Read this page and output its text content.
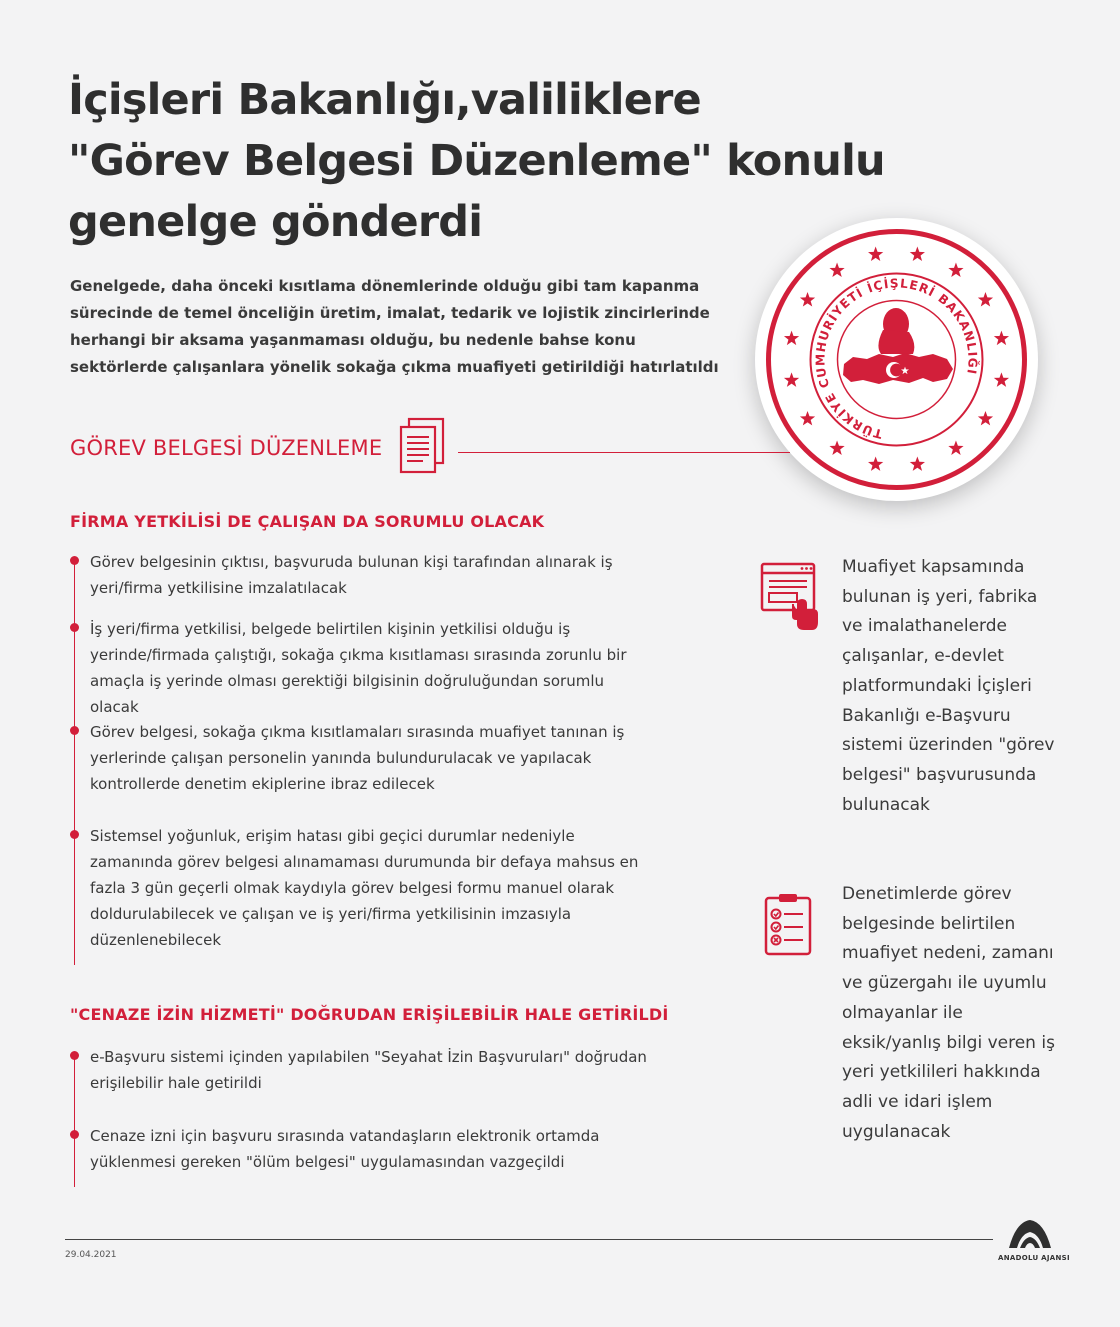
İçişleri Bakanlığı,valiliklere
"Görev Belgesi Düzenleme" konulu
genelge gönderdi

Genelgede, daha önceki kısıtlama dönemlerinde olduğu gibi tam kapanma sürecinde de temel önceliğin üretim, imalat, tedarik ve lojistik zincirlerinde herhangi bir aksama yaşanmaması olduğu, bu nedenle bahse konu sektörlerde çalışanlara yönelik sokağa çıkma muafiyeti getirildiği hatırlatıldı

TÜRKİYE CUMHURİYETİ İÇİŞLERİ BAKANLIĞI
GÖREV BELGESİ DÜZENLEME
FİRMA YETKİLİSİ DE ÇALIŞAN DA SORUMLU OLACAK
Görev belgesinin çıktısı, başvuruda bulunan kişi tarafından alınarak iş yeri/firma yetkilisine imzalatılacak
İş yeri/firma yetkilisi, belgede belirtilen kişinin yetkilisi olduğu iş yerinde/firmada çalıştığı, sokağa çıkma kısıtlaması sırasında zorunlu bir amaçla iş yerinde olması gerektiği bilgisinin doğruluğundan sorumlu olacak
Görev belgesi, sokağa çıkma kısıtlamaları sırasında muafiyet tanınan iş yerlerinde çalışan personelin yanında bulundurulacak ve yapılacak kontrollerde denetim ekiplerine ibraz edilecek
Sistemsel yoğunluk, erişim hatası gibi geçici durumlar nedeniyle zamanında görev belgesi alınamaması durumunda bir defaya mahsus en fazla 3 gün geçerli olmak kaydıyla görev belgesi formu manuel olarak doldurulabilecek ve çalışan ve iş yeri/firma yetkilisinin imzasıyla düzenlenebilecek
"CENAZE İZİN HİZMETİ" DOĞRUDAN ERİŞİLEBİLİR HALE GETİRİLDİ
e-Başvuru sistemi içinden yapılabilen "Seyahat İzin Başvuruları" doğrudan erişilebilir hale getirildi
Cenaze izni için başvuru sırasında vatandaşların elektronik ortamda yüklenmesi gereken "ölüm belgesi" uygulamasından vazgeçildi

Muafiyet kapsamında bulunan iş yeri, fabrika ve imalathanelerde çalışanlar, e-devlet platformundaki İçişleri Bakanlığı e-Başvuru sistemi üzerinden "görev belgesi" başvurusunda bulunacak

Denetimlerde görev belgesinde belirtilen muafiyet nedeni, zamanı ve güzergahı ile uyumlu olmayanlar ile eksik/yanlış bilgi veren iş yeri yetkilileri hakkında adli ve idari işlem uygulanacak

29.04.2021	ANADOLU AJANSI
